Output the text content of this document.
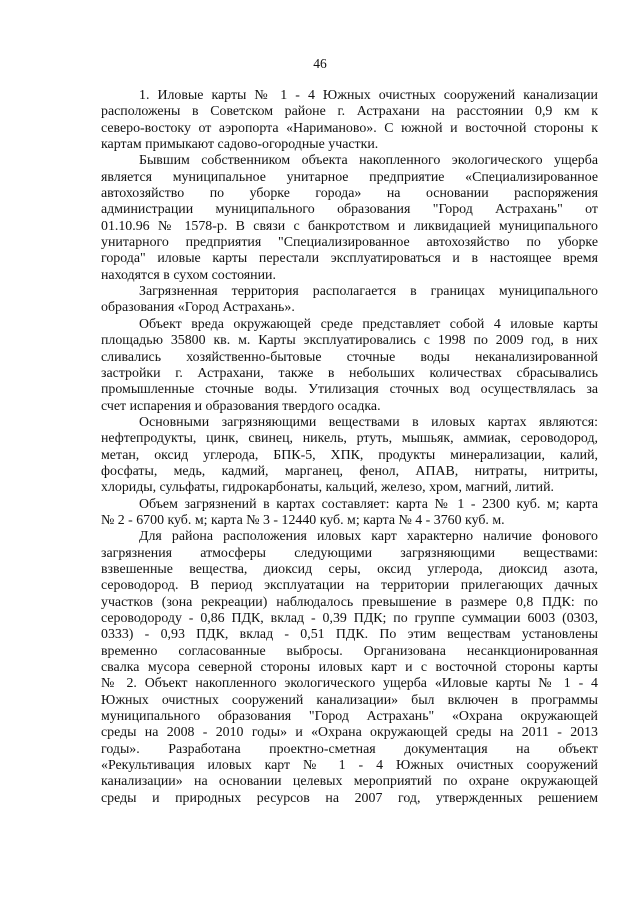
46
1. Иловые карты № 1 - 4 Южных очистных сооружений канализации
расположены в Советском районе г. Астрахани на расстоянии 0,9 км к
северо-востоку от аэропорта «Нариманово». С южной и восточной стороны к
картам примыкают садово-огородные участки.
Бывшим собственником объекта накопленного экологического ущерба
является муниципальное унитарное предприятие «Специализированное
автохозяйство по уборке города» на основании распоряжения
администрации муниципального образования "Город Астрахань" от
01.10.96 № 1578-р. В связи с банкротством и ликвидацией муниципального
унитарного предприятия "Специализированное автохозяйство по уборке
города" иловые карты перестали эксплуатироваться и в настоящее время
находятся в сухом состоянии.
Загрязненная территория располагается в границах муниципального
образования «Город Астрахань».
Объект вреда окружающей среде представляет собой 4 иловые карты
площадью 35800 кв. м. Карты эксплуатировались с 1998 по 2009 год, в них
сливались хозяйственно-бытовые сточные воды неканализированной
застройки г. Астрахани, также в небольших количествах сбрасывались
промышленные сточные воды. Утилизация сточных вод осуществлялась за
счет испарения и образования твердого осадка.
Основными загрязняющими веществами в иловых картах являются:
нефтепродукты, цинк, свинец, никель, ртуть, мышьяк, аммиак, сероводород,
метан, оксид углерода, БПК-5, ХПК, продукты минерализации, калий,
фосфаты, медь, кадмий, марганец, фенол, АПАВ, нитраты, нитриты,
хлориды, сульфаты, гидрокарбонаты, кальций, железо, хром, магний, литий.
Объем загрязнений в картах составляет: карта № 1 - 2300 куб. м; карта
№ 2 - 6700 куб. м; карта № 3 - 12440 куб. м; карта № 4 - 3760 куб. м.
Для района расположения иловых карт характерно наличие фонового
загрязнения атмосферы следующими загрязняющими веществами:
взвешенные вещества, диоксид серы, оксид углерода, диоксид азота,
сероводород. В период эксплуатации на территории прилегающих дачных
участков (зона рекреации) наблюдалось превышение в размере 0,8 ПДК: по
сероводороду - 0,86 ПДК, вклад - 0,39 ПДК; по группе суммации 6003 (0303,
0333) - 0,93 ПДК, вклад - 0,51 ПДК. По этим веществам установлены
временно согласованные выбросы. Организована несанкционированная
свалка мусора северной стороны иловых карт и с восточной стороны карты
№ 2. Объект накопленного экологического ущерба «Иловые карты № 1 - 4
Южных очистных сооружений канализации» был включен в программы
муниципального образования "Город Астрахань" «Охрана окружающей
среды на 2008 - 2010 годы» и «Охрана окружающей среды на 2011 - 2013
годы». Разработана проектно-сметная документация на объект
«Рекультивация иловых карт № 1 - 4 Южных очистных сооружений
канализации» на основании целевых мероприятий по охране окружающей
среды и природных ресурсов на 2007 год, утвержденных решением
